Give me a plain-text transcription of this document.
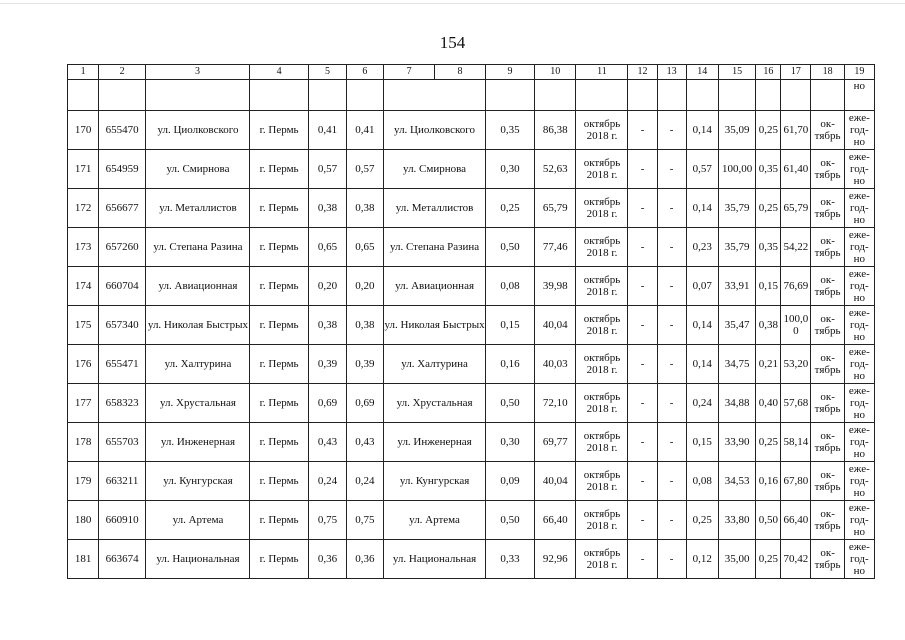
154
1	2	3	4	5	6	7	8	9	10	11	12	13	14	15	16	17	18	19
																		но
170	655470	ул. Циолковского	г. Пермь	0,41	0,41	ул. Циолковского		0,35	86,38	октябрь 2018 г.	-	-	0,14	35,09	0,25	61,70	ок-тябрь	еже-год-но
171	654959	ул. Смирнова	г. Пермь	0,57	0,57	ул. Смирнова		0,30	52,63	октябрь 2018 г.	-	-	0,57	100,00	0,35	61,40	ок-тябрь	еже-год-но
172	656677	ул. Металлистов	г. Пермь	0,38	0,38	ул. Металлистов		0,25	65,79	октябрь 2018 г.	-	-	0,14	35,79	0,25	65,79	ок-тябрь	еже-год-но
173	657260	ул. Степана Разина	г. Пермь	0,65	0,65	ул. Степана Разина		0,50	77,46	октябрь 2018 г.	-	-	0,23	35,79	0,35	54,22	ок-тябрь	еже-год-но
174	660704	ул. Авиационная	г. Пермь	0,20	0,20	ул. Авиационная		0,08	39,98	октябрь 2018 г.	-	-	0,07	33,91	0,15	76,69	ок-тябрь	еже-год-но
175	657340	ул. Николая Быстрых	г. Пермь	0,38	0,38	ул. Николая Быстрых		0,15	40,04	октябрь 2018 г.	-	-	0,14	35,47	0,38	100,0 0	ок-тябрь	еже-год-но
176	655471	ул. Халтурина	г. Пермь	0,39	0,39	ул. Халтурина		0,16	40,03	октябрь 2018 г.	-	-	0,14	34,75	0,21	53,20	ок-тябрь	еже-год-но
177	658323	ул. Хрустальная	г. Пермь	0,69	0,69	ул. Хрустальная		0,50	72,10	октябрь 2018 г.	-	-	0,24	34,88	0,40	57,68	ок-тябрь	еже-год-но
178	655703	ул. Инженерная	г. Пермь	0,43	0,43	ул. Инженерная		0,30	69,77	октябрь 2018 г.	-	-	0,15	33,90	0,25	58,14	ок-тябрь	еже-год-но
179	663211	ул. Кунгурская	г. Пермь	0,24	0,24	ул. Кунгурская		0,09	40,04	октябрь 2018 г.	-	-	0,08	34,53	0,16	67,80	ок-тябрь	еже-год-но
180	660910	ул. Артема	г. Пермь	0,75	0,75	ул. Артема		0,50	66,40	октябрь 2018 г.	-	-	0,25	33,80	0,50	66,40	ок-тябрь	еже-год-но
181	663674	ул. Национальная	г. Пермь	0,36	0,36	ул. Национальная		0,33	92,96	октябрь 2018 г.	-	-	0,12	35,00	0,25	70,42	ок-тябрь	еже-год-но
